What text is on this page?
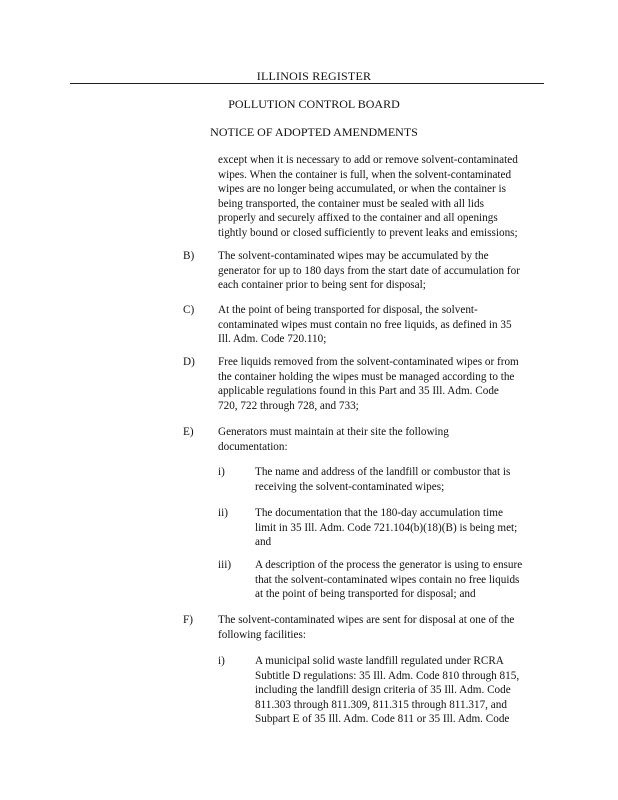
ILLINOIS REGISTER
POLLUTION CONTROL BOARD
NOTICE OF ADOPTED AMENDMENTS
except when it is necessary to add or remove solvent-contaminated
wipes. When the container is full, when the solvent-contaminated
wipes are no longer being accumulated, or when the container is
being transported, the container must be sealed with all lids
properly and securely affixed to the container and all openings
tightly bound or closed sufficiently to prevent leaks and emissions;
B) The solvent-contaminated wipes may be accumulated by the
generator for up to 180 days from the start date of accumulation for
each container prior to being sent for disposal;
C) At the point of being transported for disposal, the solvent-
contaminated wipes must contain no free liquids, as defined in 35
Ill. Adm. Code 720.110;
D) Free liquids removed from the solvent-contaminated wipes or from
the container holding the wipes must be managed according to the
applicable regulations found in this Part and 35 Ill. Adm. Code
720, 722 through 728, and 733;
E) Generators must maintain at their site the following
documentation:
i)	The name and address of the landfill or combustor that is
receiving the solvent-contaminated wipes;
ii) The documentation that the 180-day accumulation time
limit in 35 Ill. Adm. Code 721.104(b)(18)(B) is being met;
and
iii) A description of the process the generator is using to ensure
that the solvent-contaminated wipes contain no free liquids
at the point of being transported for disposal; and
F) The solvent-contaminated wipes are sent for disposal at one of the
following facilities:
i)	A municipal solid waste landfill regulated under RCRA
Subtitle D regulations: 35 Ill. Adm. Code 810 through 815,
including the landfill design criteria of 35 Ill. Adm. Code
811.303 through 811.309, 811.315 through 811.317, and
Subpart E of 35 Ill. Adm. Code 811 or 35 Ill. Adm. Code
